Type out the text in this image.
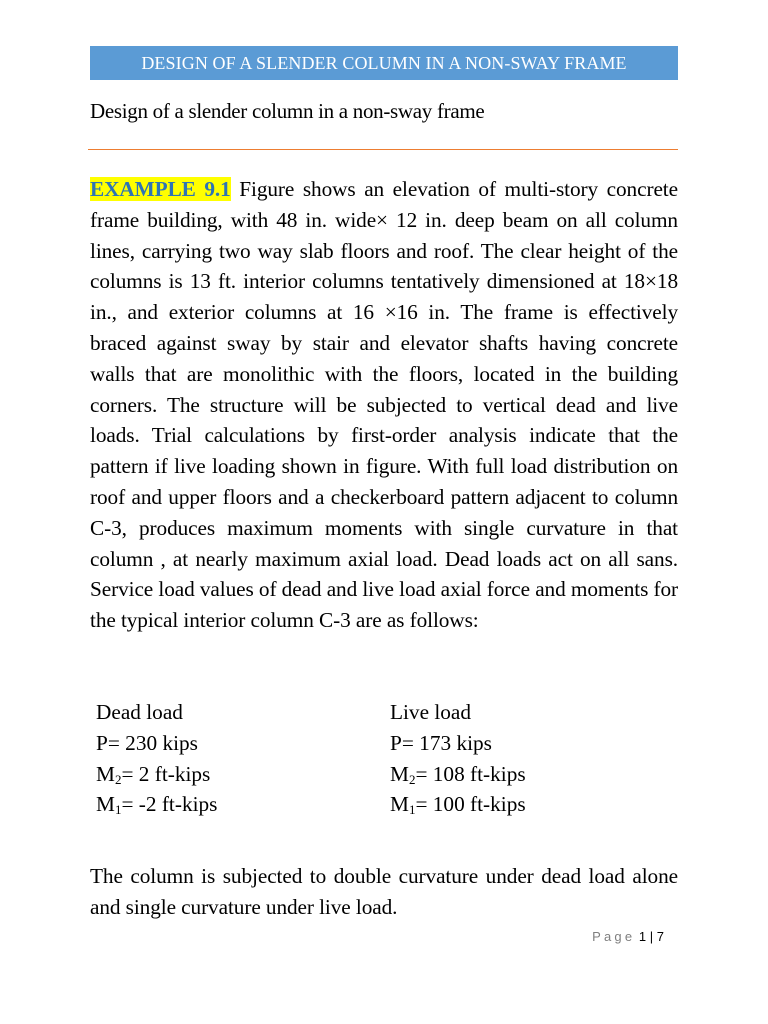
DESIGN OF A SLENDER COLUMN IN A NON-SWAY FRAME
Design of a slender column in a non-sway frame
EXAMPLE 9.1 Figure shows an elevation of multi-story concrete frame building, with 48 in. wide× 12 in. deep beam on all column lines, carrying two way slab floors and roof. The clear height of the columns is 13 ft. interior columns tentatively dimensioned at 18×18 in., and exterior columns at 16 ×16 in. The frame is effectively braced against sway by stair and elevator shafts having concrete walls that are monolithic with the floors, located in the building corners. The structure will be subjected to vertical dead and live loads. Trial calculations by first-order analysis indicate that the pattern if live loading shown in figure. With full load distribution on roof and upper floors and a checkerboard pattern adjacent to column C-3, produces maximum moments with single curvature in that column , at nearly maximum axial load. Dead loads act on all sans. Service load values of dead and live load axial force and moments for the typical interior column C-3 are as follows:
Dead load
P= 230 kips
$M_2= 2$ ft-kips
$M_1= -2$ ft-kips
Live load
P= 173 kips
$M_2= 108$ ft-kips
$M_1= 100$ ft-kips
The column is subjected to double curvature under dead load alone and single curvature under live load.
Page 1 | 7
